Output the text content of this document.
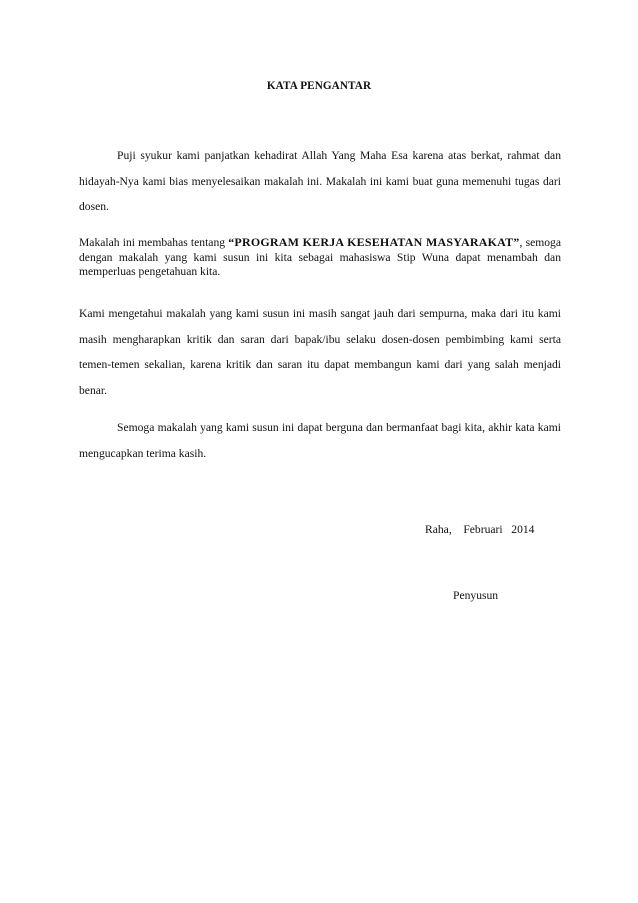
KATA PENGANTAR

Puji syukur kami panjatkan kehadirat Allah Yang Maha Esa karena atas berkat, rahmat dan hidayah-Nya kami bias menyelesaikan makalah ini. Makalah ini kami buat guna memenuhi tugas dari dosen.

Makalah ini membahas tentang “PROGRAM KERJA KESEHATAN MASYARAKAT”, semoga dengan makalah yang kami susun ini kita sebagai mahasiswa Stip Wuna dapat menambah dan memperluas pengetahuan kita.

Kami mengetahui makalah yang kami susun ini masih sangat jauh dari sempurna, maka dari itu kami masih mengharapkan kritik dan saran dari bapak/ibu selaku dosen-dosen pembimbing kami serta temen-temen sekalian, karena kritik dan saran itu dapat membangun kami dari yang salah menjadi benar.

Semoga makalah yang kami susun ini dapat berguna dan bermanfaat bagi kita, akhir kata kami mengucapkan terima kasih.

Raha,    Februari   2014
Penyusun
